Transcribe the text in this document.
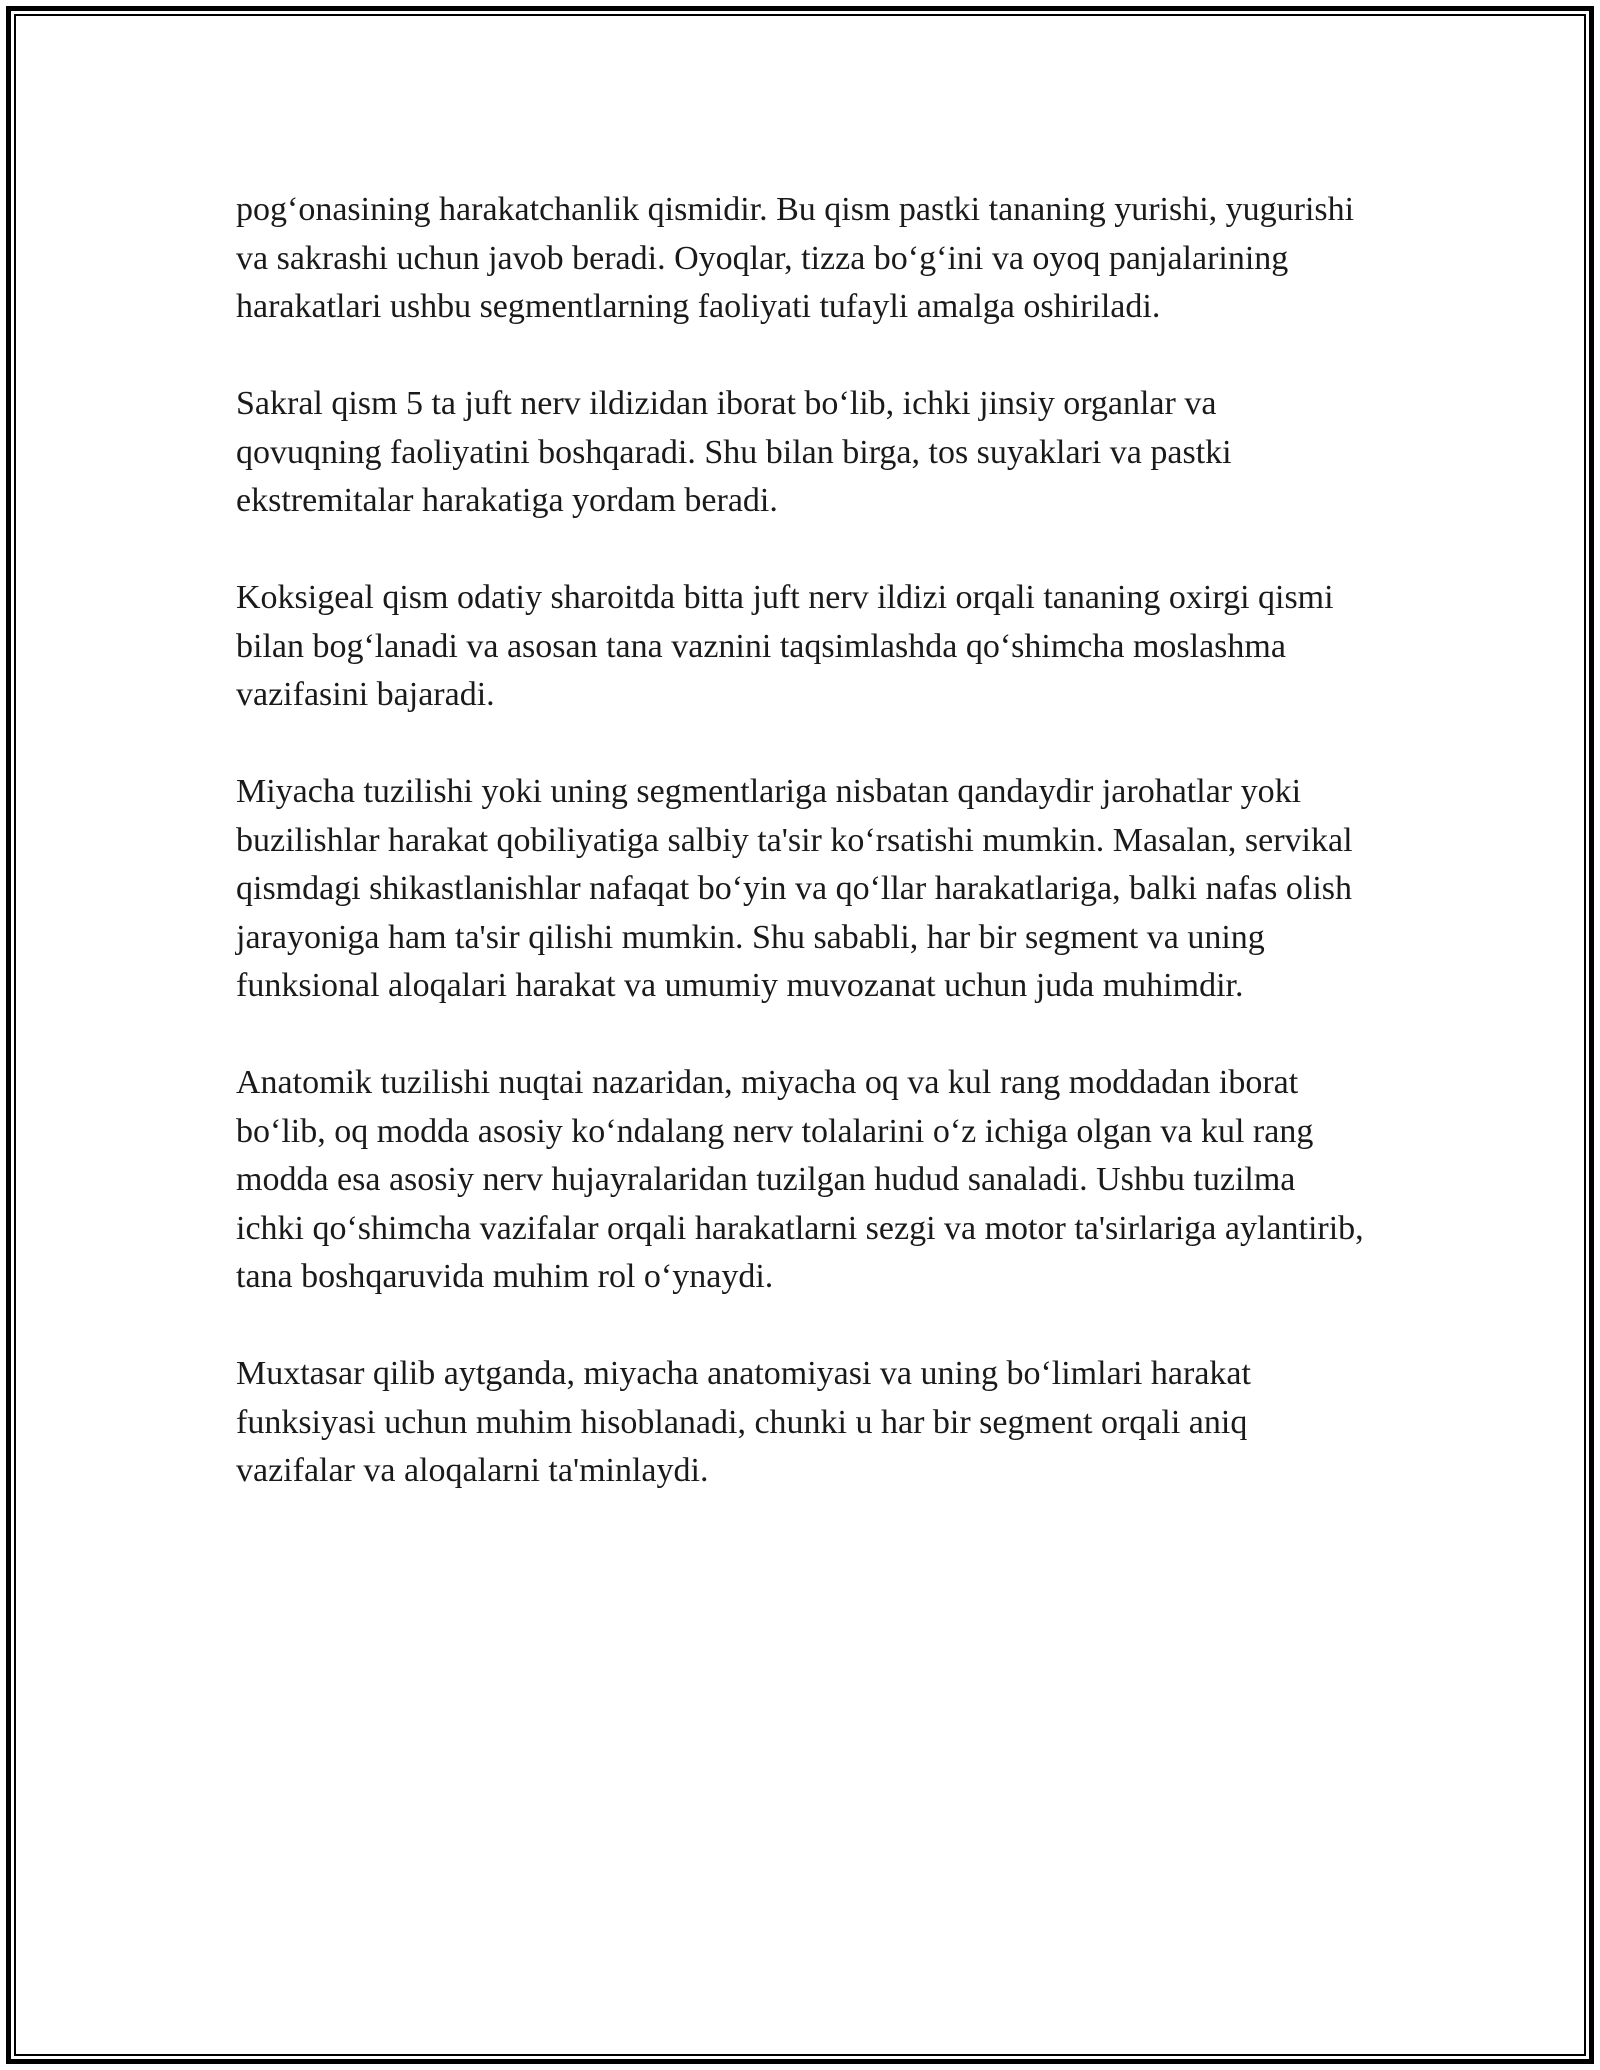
pog‘onasining harakatchanlik qismidir. Bu qism pastki tananing yurishi, yugurishi va sakrashi uchun javob beradi. Oyoqlar, tizza bo‘g‘ini va oyoq panjalarining harakatlari ushbu segmentlarning faoliyati tufayli amalga oshiriladi.

Sakral qism 5 ta juft nerv ildizidan iborat bo‘lib, ichki jinsiy organlar va qovuqning faoliyatini boshqaradi. Shu bilan birga, tos suyaklari va pastki ekstremitalar harakatiga yordam beradi.

Koksigeal qism odatiy sharoitda bitta juft nerv ildizi orqali tananing oxirgi qismi bilan bog‘lanadi va asosan tana vaznini taqsimlashda qo‘shimcha moslashma vazifasini bajaradi.

Miyacha tuzilishi yoki uning segmentlariga nisbatan qandaydir jarohatlar yoki buzilishlar harakat qobiliyatiga salbiy ta'sir ko‘rsatishi mumkin. Masalan, servikal qismdagi shikastlanishlar nafaqat bo‘yin va qo‘llar harakatlariga, balki nafas olish jarayoniga ham ta'sir qilishi mumkin. Shu sababli, har bir segment va uning funksional aloqalari harakat va umumiy muvozanat uchun juda muhimdir.

Anatomik tuzilishi nuqtai nazaridan, miyacha oq va kul rang moddadan iborat bo‘lib, oq modda asosiy ko‘ndalang nerv tolalarini o‘z ichiga olgan va kul rang modda esa asosiy nerv hujayralaridan tuzilgan hudud sanaladi. Ushbu tuzilma ichki qo‘shimcha vazifalar orqali harakatlarni sezgi va motor ta'sirlariga aylantirib, tana boshqaruvida muhim rol o‘ynaydi.

Muxtasar qilib aytganda, miyacha anatomiyasi va uning bo‘limlari harakat funksiyasi uchun muhim hisoblanadi, chunki u har bir segment orqali aniq vazifalar va aloqalarni ta'minlaydi.
